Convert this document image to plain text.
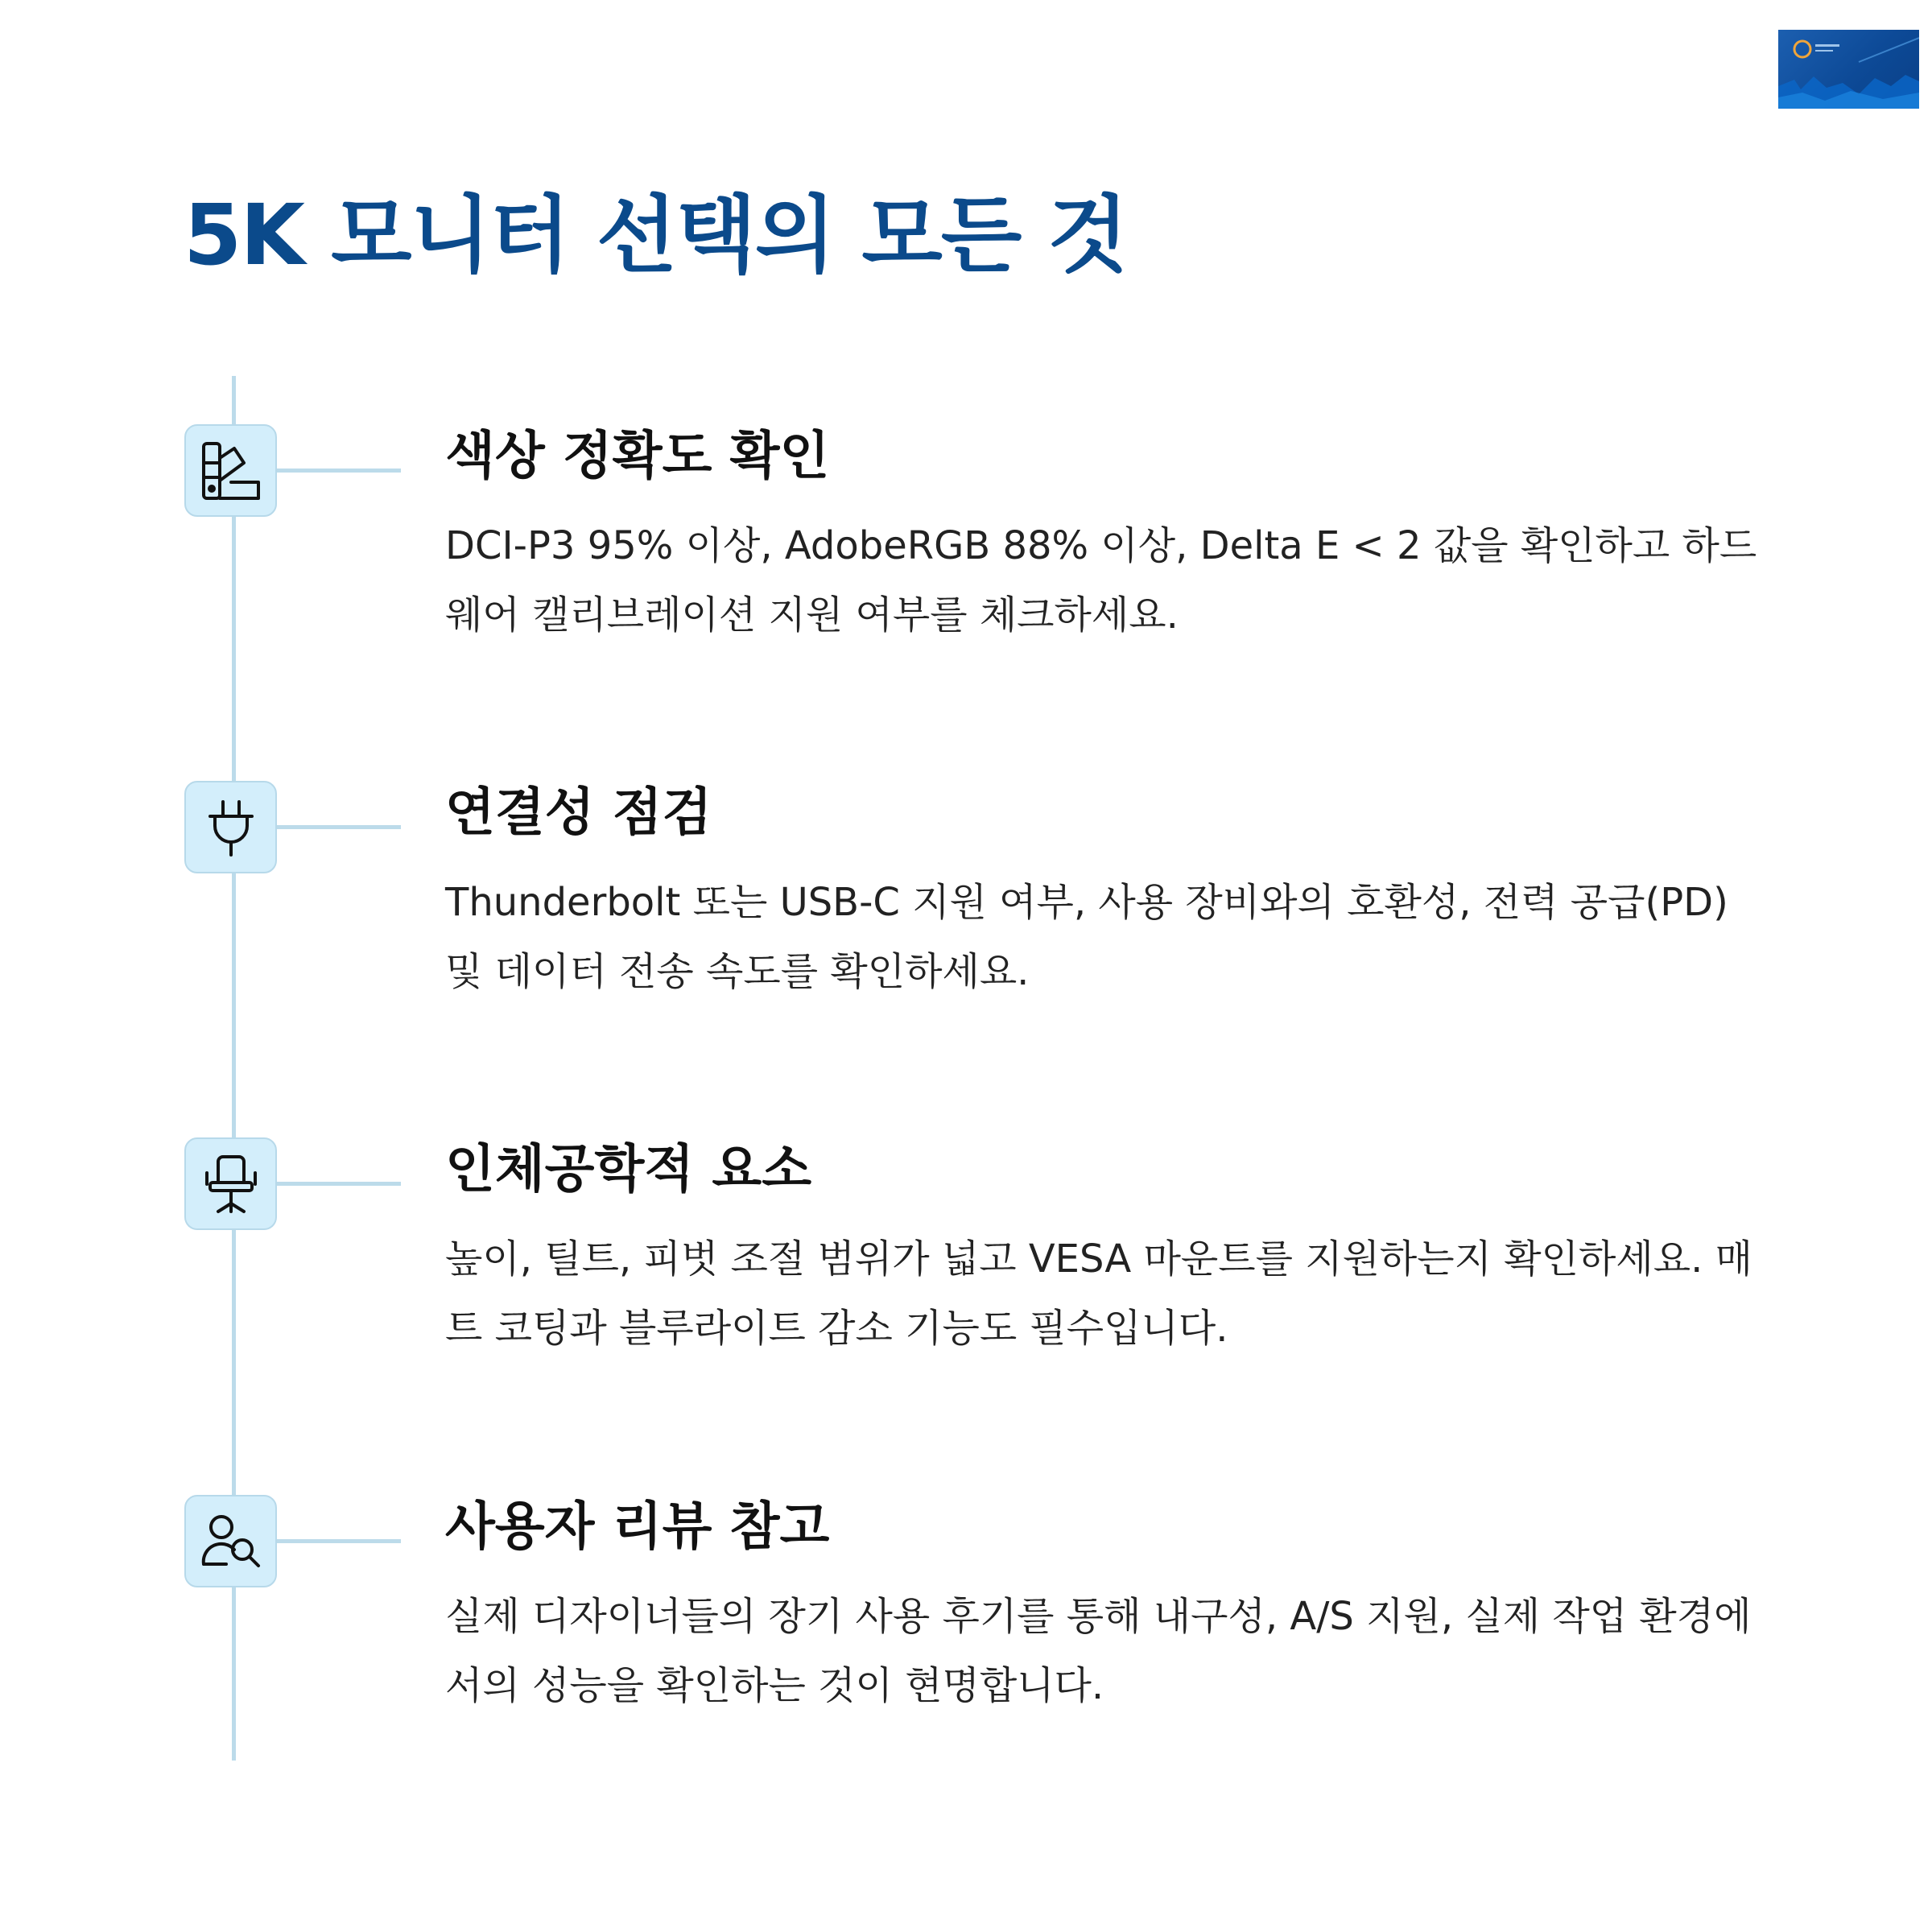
5K 모니터 선택의 모든 것
색상 정확도 확인

DCI-P3 95% 이상, AdobeRGB 88% 이상, Delta E < 2 값을 확인하고 하드웨어 캘리브레이션 지원 여부를 체크하세요.

연결성 점검

Thunderbolt 또는 USB-C 지원 여부, 사용 장비와의 호환성, 전력 공급(PD) 및 데이터 전송 속도를 확인하세요.

인체공학적 요소

높이, 틸트, 피벗 조절 범위가 넓고 VESA 마운트를 지원하는지 확인하세요. 매트 코팅과 블루라이트 감소 기능도 필수입니다.

사용자 리뷰 참고

실제 디자이너들의 장기 사용 후기를 통해 내구성, A/S 지원, 실제 작업 환경에서의 성능을 확인하는 것이 현명합니다.
